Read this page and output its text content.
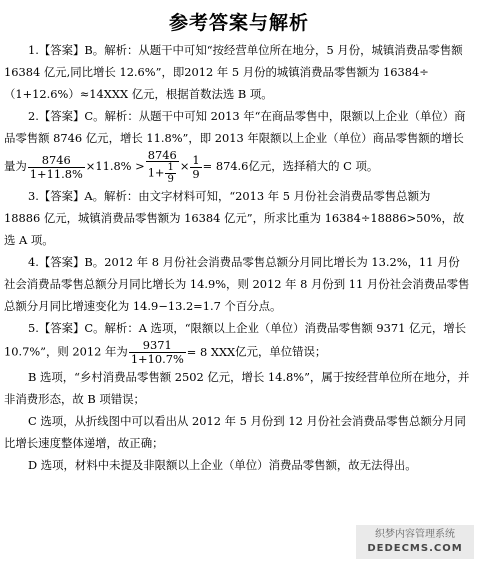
参考答案与解析

1.【答案】B。解析：从题干中可知“按经营单位所在地分，5 月份，城镇消费品零售额16384 亿元,同比增长 12.6%”，即2012 年 5 月份的城镇消费品零售额为 16384÷（1+12.6%）≈14XXX 亿元，根据首数法选 B 项。

2.【答案】C。解析：从题干中可知 2013 年“在商品零售中，限额以上企业（单位）商品零售额 8746 亿元，增长 11.8%”，即 2013 年限额以上企业（单位）商品零售额的增长量为 $\frac{8746}{1+11.8\%} \times 11.8\% > \frac{8746}{1+ \frac{1}{9}} \times \frac{1}{9} = 874.6$亿元，选择稍大的 C 项。

3.【答案】A。解析：由文字材料可知，“2013 年 5 月份社会消费品零售总额为 18886 亿元，城镇消费品零售额为 16384 亿元”，所求比重为 16384÷18886>50%，故选 A 项。

4.【答案】B。2012 年 8 月份社会消费品零售总额分月同比增长为 13.2%，11 月份社会消费品零售总额分月同比增长为 14.9%，则 2012 年 8 月份到 11 月份社会消费品零售总额分月同比增速变化为 14.9−13.2=1.7 个百分点。

5.【答案】C。解析：A 选项，“限额以上企业（单位）消费品零售额 9371 亿元，增长 10.7%”，则 2012 年为 $\frac{9371}{1+10.7\%} = 8$ XXX亿元，单位错误；

B 选项，“乡村消费品零售额 2502 亿元，增长 14.8%”，属于按经营单位所在地分，并非消费形态，故 B 项错误；

C 选项，从折线图中可以看出从 2012 年 5 月份到 12 月份社会消费品零售总额分月同比增长速度整体递增，故正确；

D 选项，材料中未提及非限额以上企业（单位）消费品零售额，故无法得出。

织梦内容管理系统
DEDECMS.COM
